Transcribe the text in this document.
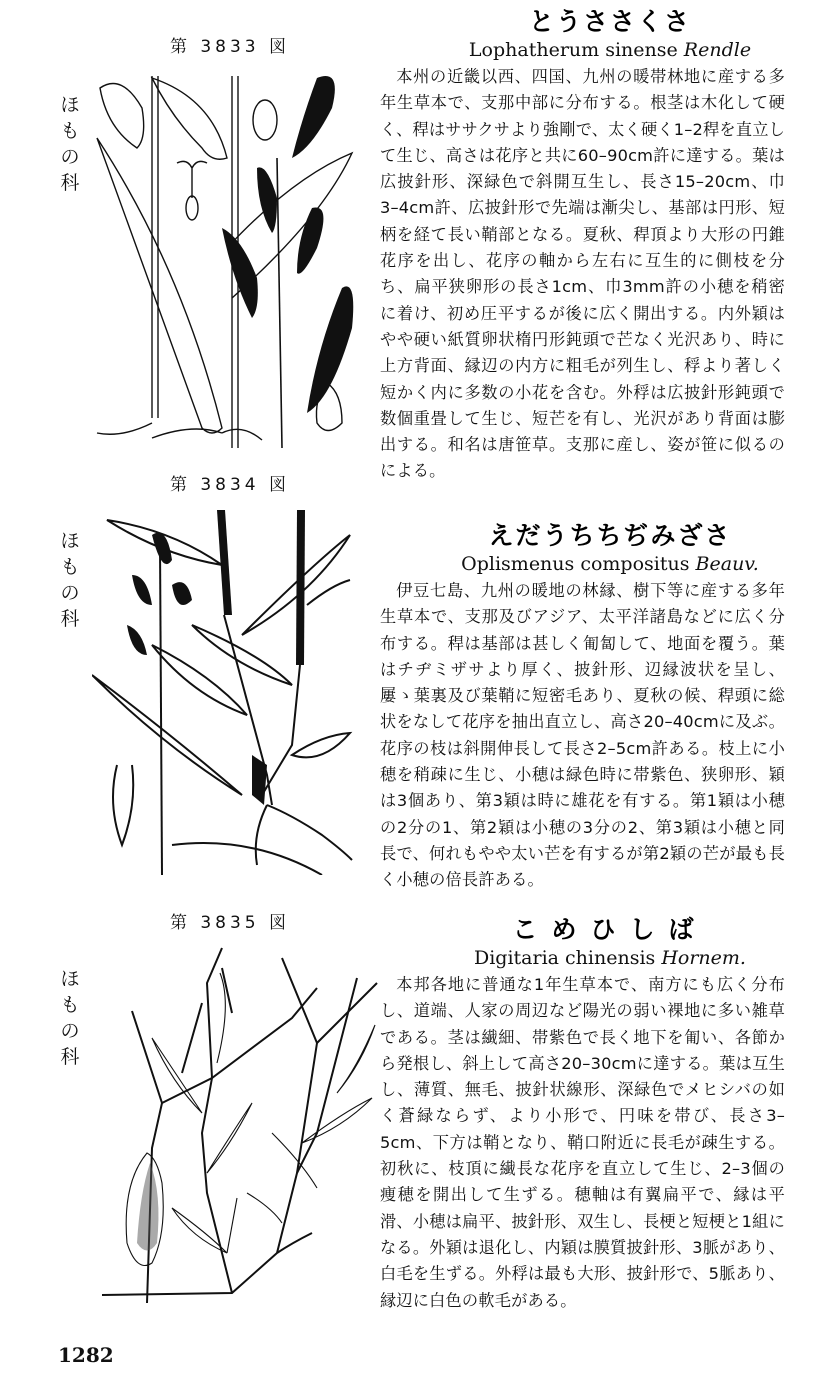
第 3833 図
ほ
も
の
科

とうささくさ

Lophatherum sinense Rendle

本州の近畿以西、四国、九州の暖帯林地に産する多年生草本で、支那中部に分布する。根茎は木化して硬く、稈はササクサより強剛で、太く硬く1–2稈を直立して生じ、高さは花序と共に60–90cm許に達する。葉は広披針形、深緑色で斜開互生し、長さ15–20cm、巾3–4cm許、広披針形で先端は漸尖し、基部は円形、短柄を経て長い鞘部となる。夏秋、稈頂より大形の円錐花序を出し、花序の軸から左右に互生的に側枝を分ち、扁平狭卵形の長さ1cm、巾3mm許の小穂を稍密に着け、初め圧平するが後に広く開出する。内外穎はやや硬い紙質卵状楕円形鈍頭で芒なく光沢あり、時に上方背面、縁辺の内方に粗毛が列生し、稃より著しく短かく内に多数の小花を含む。外稃は広披針形鈍頭で数個重畳して生じ、短芒を有し、光沢があり背面は膨出する。和名は唐笹草。支那に産し、姿が笹に似るのによる。

第 3834 図
ほ
も
の
科

えだうちちぢみざさ

Oplismenus compositus Beauv.

伊豆七島、九州の暖地の林縁、樹下等に産する多年生草本で、支那及びアジア、太平洋諸島などに広く分布する。稈は基部は甚しく匍匐して、地面を覆う。葉はチヂミザサより厚く、披針形、辺縁波状を呈し、屢ゝ葉裏及び葉鞘に短密毛あり、夏秋の候、稈頭に総状をなして花序を抽出直立し、高さ20–40cmに及ぶ。花序の枝は斜開伸長して長さ2–5cm許ある。枝上に小穂を稍疎に生じ、小穂は緑色時に帯紫色、狭卵形、穎は3個あり、第3穎は時に雄花を有する。第1穎は小穂の2分の1、第2穎は小穂の3分の2、第3穎は小穂と同長で、何れもやや太い芒を有するが第2穎の芒が最も長く小穂の倍長許ある。

第 3835 図
ほ
も
の
科

こめひしば

Digitaria chinensis Hornem.

本邦各地に普通な1年生草本で、南方にも広く分布し、道端、人家の周辺など陽光の弱い裸地に多い雑草である。茎は繊細、帯紫色で長く地下を匍い、各節から発根し、斜上して高さ20–30cmに達する。葉は互生し、薄質、無毛、披針状線形、深緑色でメヒシバの如く蒼緑ならず、より小形で、円味を帯び、長さ3–5cm、下方は鞘となり、鞘口附近に長毛が疎生する。初秋に、枝頂に繊長な花序を直立して生じ、2–3個の痩穂を開出して生ずる。穂軸は有翼扁平で、縁は平滑、小穂は扁平、披針形、双生し、長梗と短梗と1組になる。外穎は退化し、内穎は膜質披針形、3脈があり、白毛を生ずる。外稃は最も大形、披針形で、5脈あり、縁辺に白色の軟毛がある。

1282
